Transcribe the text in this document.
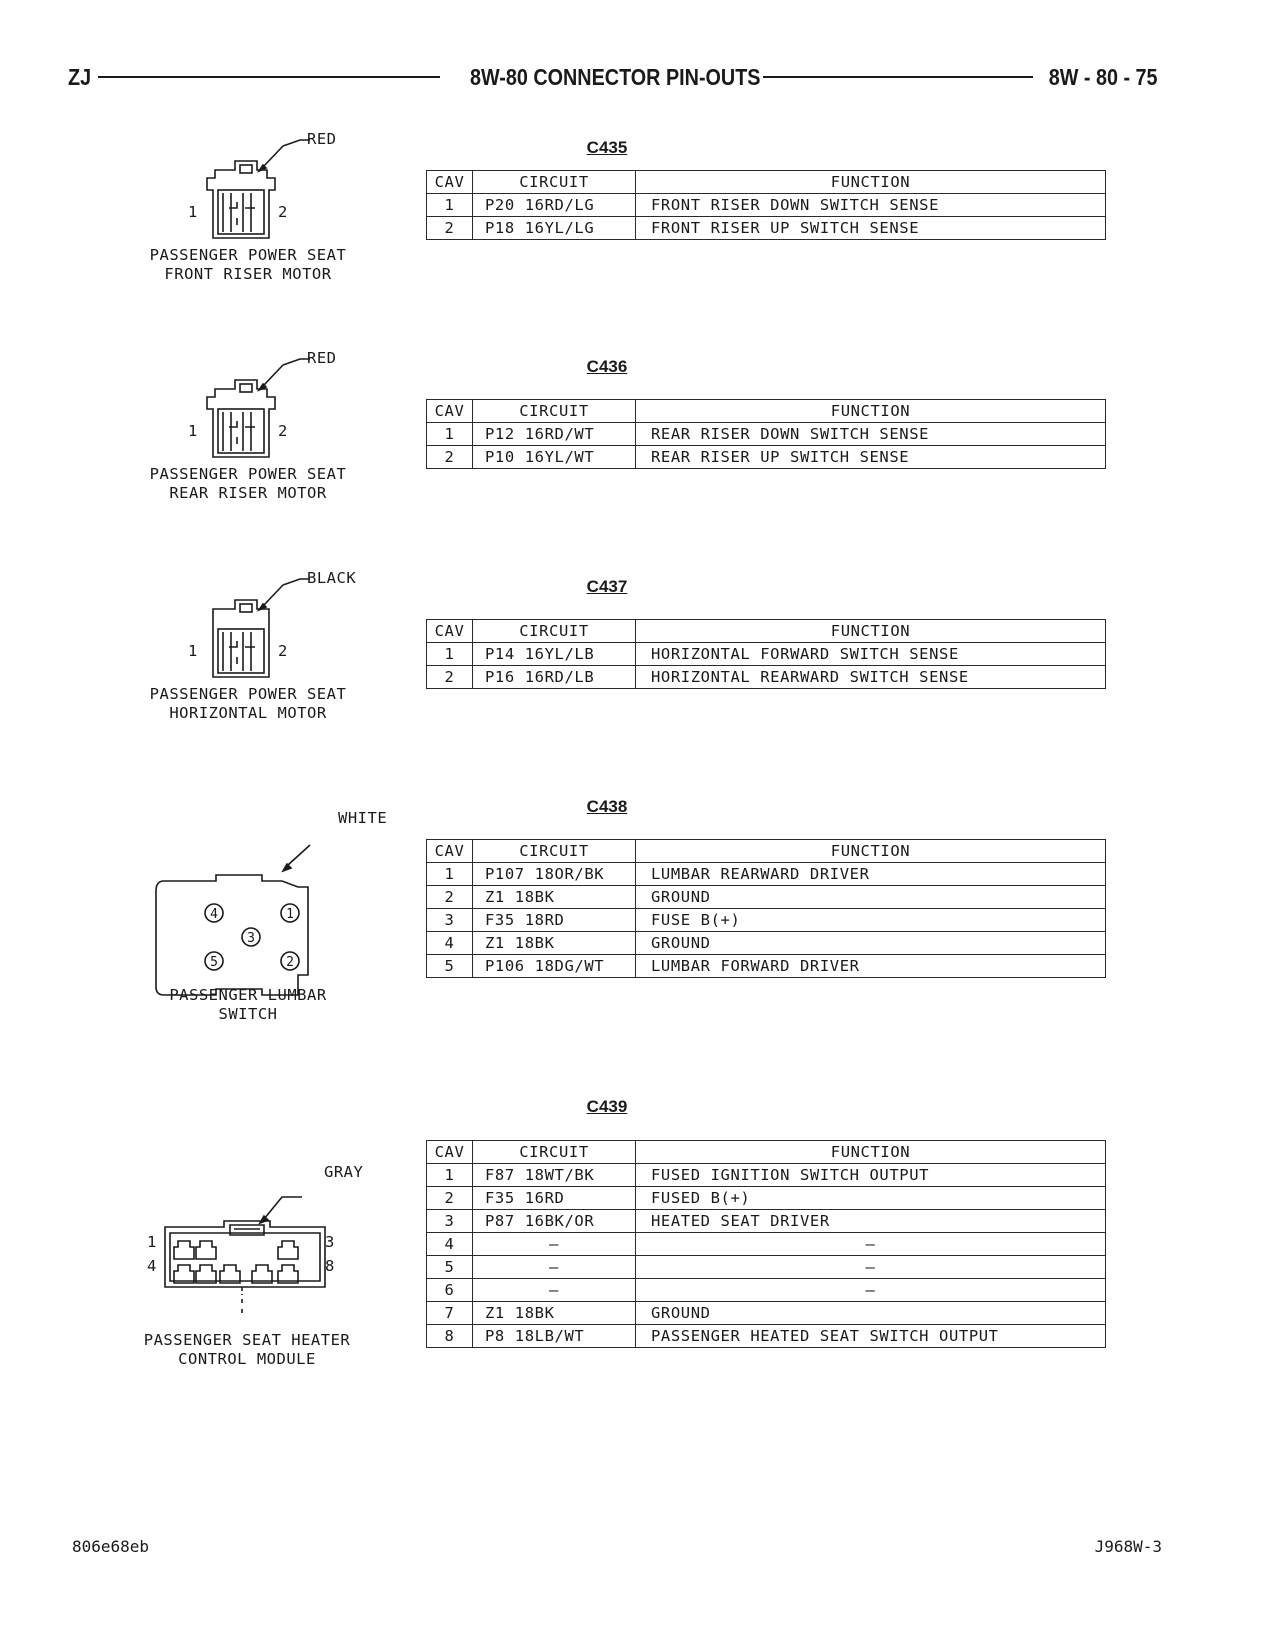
ZJ	8W-80 CONNECTOR PIN-OUTS	8W - 80 - 75
C435
RED
1	2
PASSENGER POWER SEAT
FRONT RISER MOTOR
CAV	CIRCUIT	FUNCTION
1	P20 16RD/LG	FRONT RISER DOWN SWITCH SENSE
2	P18 16YL/LG	FRONT RISER UP SWITCH SENSE
C436
RED
1	2
PASSENGER POWER SEAT
REAR RISER MOTOR
CAV	CIRCUIT	FUNCTION
1	P12 16RD/WT	REAR RISER DOWN SWITCH SENSE
2	P10 16YL/WT	REAR RISER UP SWITCH SENSE
C437
BLACK
1	2
PASSENGER POWER SEAT
HORIZONTAL MOTOR
CAV	CIRCUIT	FUNCTION
1	P14 16YL/LB	HORIZONTAL FORWARD SWITCH SENSE
2	P16 16RD/LB	HORIZONTAL REARWARD SWITCH SENSE
C438
4	1
3
5	2
WHITE
PASSENGER LUMBAR
SWITCH
CAV	CIRCUIT	FUNCTION
1	P107 18OR/BK	LUMBAR REARWARD DRIVER
2	Z1 18BK	GROUND
3	F35 18RD	FUSE B(+)
4	Z1 18BK	GROUND
5	P106 18DG/WT	LUMBAR FORWARD DRIVER
C439
GRAY
1
4
3
8
PASSENGER SEAT HEATER
CONTROL MODULE
CAV	CIRCUIT	FUNCTION
1	F87 18WT/BK	FUSED IGNITION SWITCH OUTPUT
2	F35 16RD	FUSED B(+)
3	P87 16BK/OR	HEATED SEAT DRIVER
4	–	–
5	–	–
6	–	–
7	Z1 18BK	GROUND
8	P8 18LB/WT	PASSENGER HEATED SEAT SWITCH OUTPUT
806e68eb	J968W-3
